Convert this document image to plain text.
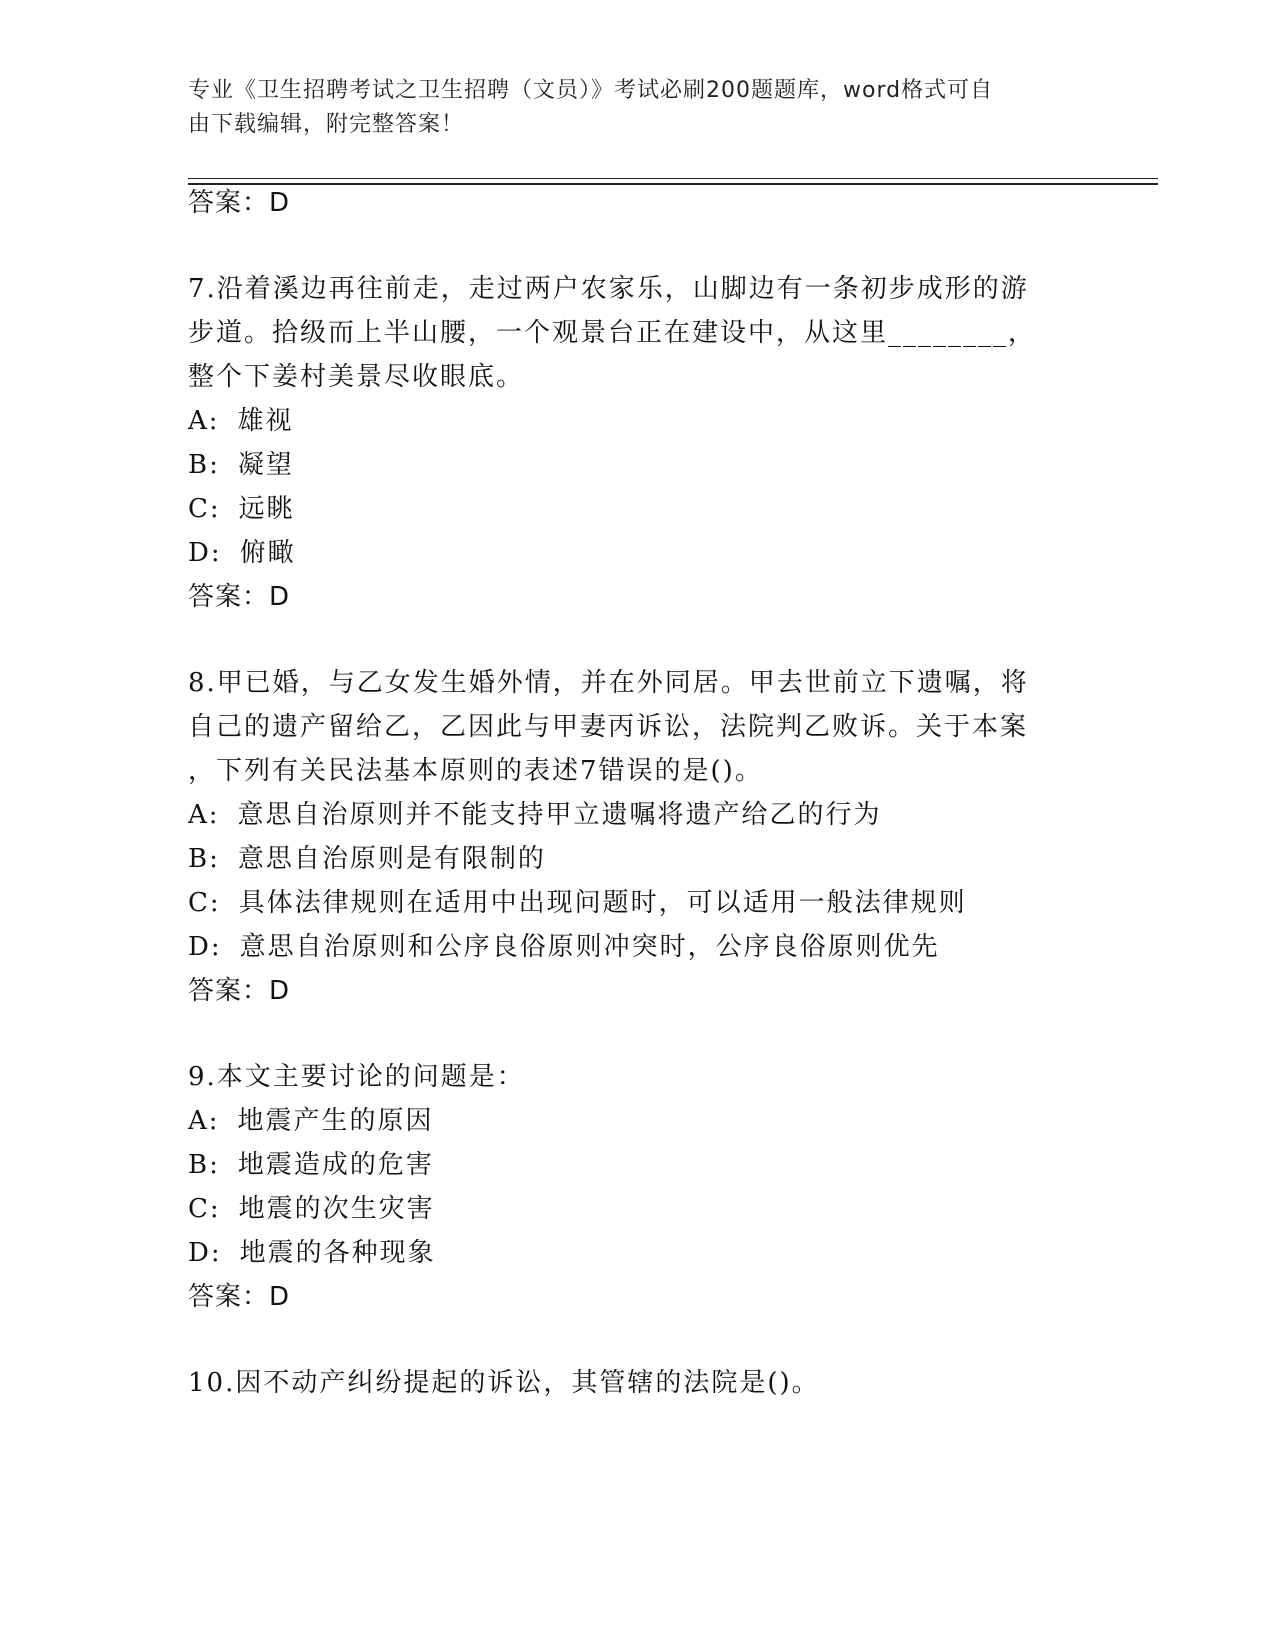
专业《卫生招聘考试之卫生招聘（文员）》考试必刷200题题库，word格式可自
由下载编辑，附完整答案！
答案：D
7.沿着溪边再往前走，走过两户农家乐，山脚边有一条初步成形的游
步道。拾级而上半山腰，一个观景台正在建设中，从这里________，
整个下姜村美景尽收眼底。
A: 雄视
B: 凝望
C: 远眺
D: 俯瞰
答案：D
8.甲已婚，与乙女发生婚外情，并在外同居。甲去世前立下遗嘱，将
自己的遗产留给乙，乙因此与甲妻丙诉讼，法院判乙败诉。关于本案
，下列有关民法基本原则的表述7错误的是()。
A: 意思自治原则并不能支持甲立遗嘱将遗产给乙的行为
B: 意思自治原则是有限制的
C: 具体法律规则在适用中出现问题时，可以适用一般法律规则
D: 意思自治原则和公序良俗原则冲突时，公序良俗原则优先
答案：D
9.本文主要讨论的问题是：
A: 地震产生的原因
B: 地震造成的危害
C: 地震的次生灾害
D: 地震的各种现象
答案：D
10.因不动产纠纷提起的诉讼，其管辖的法院是()。
